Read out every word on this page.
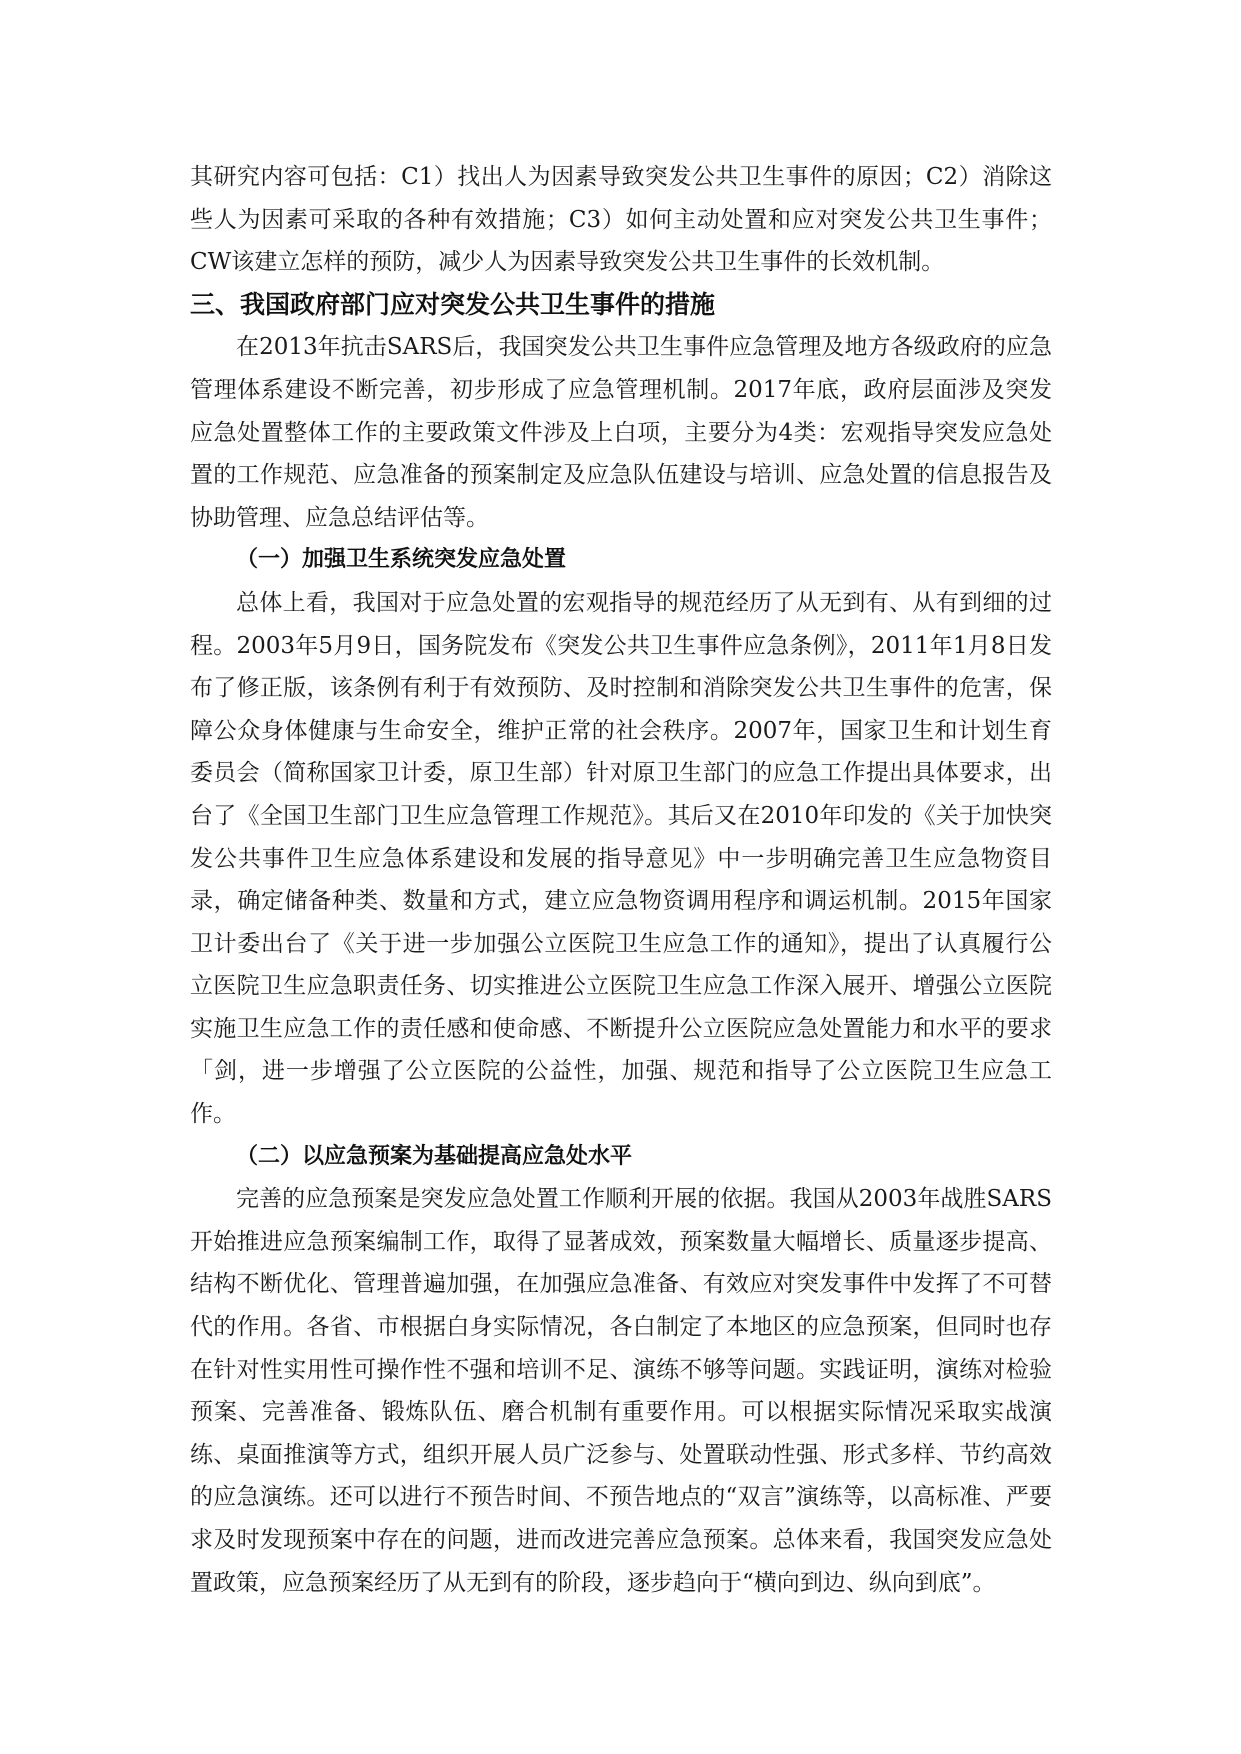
其研究内容可包括：C1）找出人为因素导致突发公共卫生事件的原因；C2）消除这些人为因素可采取的各种有效措施；C3）如何主动处置和应对突发公共卫生事件；CW该建立怎样的预防，减少人为因素导致突发公共卫生事件的长效机制。

三、我国政府部门应对突发公共卫生事件的措施

在2013年抗击SARS后，我国突发公共卫生事件应急管理及地方各级政府的应急管理体系建设不断完善，初步形成了应急管理机制。2017年底，政府层面涉及突发应急处置整体工作的主要政策文件涉及上白项，主要分为4类：宏观指导突发应急处置的工作规范、应急准备的预案制定及应急队伍建设与培训、应急处置的信息报告及协助管理、应急总结评估等。

（一）加强卫生系统突发应急处置

总体上看，我国对于应急处置的宏观指导的规范经历了从无到有、从有到细的过程。2003年5月9日，国务院发布《突发公共卫生事件应急条例》，2011年1月8日发布了修正版，该条例有利于有效预防、及时控制和消除突发公共卫生事件的危害，保障公众身体健康与生命安全，维护正常的社会秩序。2007年，国家卫生和计划生育委员会（简称国家卫计委，原卫生部）针对原卫生部门的应急工作提出具体要求，出台了《全国卫生部门卫生应急管理工作规范》。其后又在2010年印发的《关于加快突发公共事件卫生应急体系建设和发展的指导意见》中一步明确完善卫生应急物资目录，确定储备种类、数量和方式，建立应急物资调用程序和调运机制。2015年国家卫计委出台了《关于进一步加强公立医院卫生应急工作的通知》，提出了认真履行公立医院卫生应急职责任务、切实推进公立医院卫生应急工作深入展开、增强公立医院实施卫生应急工作的责任感和使命感、不断提升公立医院应急处置能力和水平的要求「剑，进一步增强了公立医院的公益性，加强、规范和指导了公立医院卫生应急工作。

（二）以应急预案为基础提高应急处水平

完善的应急预案是突发应急处置工作顺利开展的依据。我国从2003年战胜SARS开始推进应急预案编制工作，取得了显著成效，预案数量大幅增长、质量逐步提高、结构不断优化、管理普遍加强，在加强应急准备、有效应对突发事件中发挥了不可替代的作用。各省、市根据白身实际情况，各白制定了本地区的应急预案，但同时也存在针对性实用性可操作性不强和培训不足、演练不够等问题。实践证明，演练对检验预案、完善准备、锻炼队伍、磨合机制有重要作用。可以根据实际情况采取实战演练、桌面推演等方式，组织开展人员广泛参与、处置联动性强、形式多样、节约高效的应急演练。还可以进行不预告时间、不预告地点的“双言”演练等，以高标准、严要求及时发现预案中存在的问题，进而改进完善应急预案。总体来看，我国突发应急处置政策，应急预案经历了从无到有的阶段，逐步趋向于“横向到边、纵向到底”。
